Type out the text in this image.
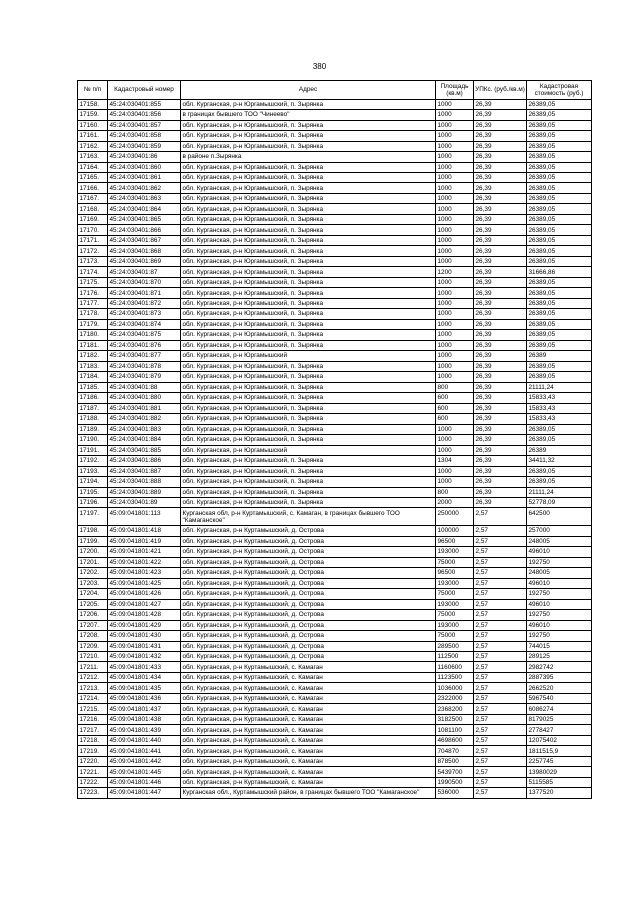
380
№ п/п	Кадастровый номер	Адрес	Площадь (кв.м)	УПКс. (руб./кв.м)	Кадастровая стоимость (руб.)
17158.	45:24:030401:855	обл. Курганская, р-н Юргамышский, п. Зырянка	1000	26,39	26389,05
17159.	45:24:030401:856	в границах бывшего ТОО "Чинеево"	1000	26,39	26389,05
17160.	45:24:030401:857	обл. Курганская, р-н Юргамышский, п. Зырянка	1000	26,39	26389,05
17161.	45:24:030401:858	обл. Курганская, р-н Юргамышский, п. Зырянка	1000	26,39	26389,05
17162.	45:24:030401:859	обл. Курганская, р-н Юргамышский, п. Зырянка	1000	26,39	26389,05
17163.	45:24:030401:86	в районе п.Зырянка	1000	26,39	26389,05
17164.	45:24:030401:860	обл. Курганская, р-н Юргамышский, п. Зырянка	1000	26,39	26389,05
17165.	45:24:030401:861	обл. Курганская, р-н Юргамышский, п. Зырянка	1000	26,39	26389,05
17166.	45:24:030401:862	обл. Курганская, р-н Юргамышский, п. Зырянка	1000	26,39	26389,05
17167.	45:24:030401:863	обл. Курганская, р-н Юргамышский, п. Зырянка	1000	26,39	26389,05
17168.	45:24:030401:864	обл. Курганская, р-н Юргамышский, п. Зырянка	1000	26,39	26389,05
17169.	45:24:030401:865	обл. Курганская, р-н Юргамышский, п. Зырянка	1000	26,39	26389,05
17170.	45:24:030401:866	обл. Курганская, р-н Юргамышский, п. Зырянка	1000	26,39	26389,05
17171.	45:24:030401:867	обл. Курганская, р-н Юргамышский, п. Зырянка	1000	26,39	26389,05
17172.	45:24:030401:868	обл. Курганская, р-н Юргамышский, п. Зырянка	1000	26,39	26389,05
17173.	45:24:030401:869	обл. Курганская, р-н Юргамышский, п. Зырянка	1000	26,39	26389,05
17174.	45:24:030401:87	обл. Курганская, р-н Юргамышский, п. Зырянка	1200	26,39	31666,86
17175.	45:24:030401:870	обл. Курганская, р-н Юргамышский, п. Зырянка	1000	26,39	26389,05
17176.	45:24:030401:871	обл. Курганская, р-н Юргамышский, п. Зырянка	1000	26,39	26389,05
17177.	45:24:030401:872	обл. Курганская, р-н Юргамышский, п. Зырянка	1000	26,39	26389,05
17178.	45:24:030401:873	обл. Курганская, р-н Юргамышский, п. Зырянка	1000	26,39	26389,05
17179.	45:24:030401:874	обл. Курганская, р-н Юргамышский, п. Зырянка	1000	26,39	26389,05
17180.	45:24:030401:875	обл. Курганская, р-н Юргамышский, п. Зырянка	1000	26,39	26389,05
17181.	45:24:030401:876	обл. Курганская, р-н Юргамышский, п. Зырянка	1000	26,39	26389,05
17182.	45:24:030401:877	обл. Курганская, р-н Юргамышский	1000	26,39	26389
17183.	45:24:030401:878	обл. Курганская, р-н Юргамышский, п. Зырянка	1000	26,39	26389,05
17184.	45:24:030401:879	обл. Курганская, р-н Юргамышский, п. Зырянка	1000	26,39	26389,05
17185.	45:24:030401:88	обл. Курганская, р-н Юргамышский, п. Зырянка	800	26,39	21111,24
17186.	45:24:030401:880	обл. Курганская, р-н Юргамышский, п. Зырянка	600	26,39	15833,43
17187.	45:24:030401:881	обл. Курганская, р-н Юргамышский, п. Зырянка	600	26,39	15833,43
17188.	45:24:030401:882	обл. Курганская, р-н Юргамышский, п. Зырянка	600	26,39	15833,43
17189.	45:24:030401:883	обл. Курганская, р-н Юргамышский, п. Зырянка	1000	26,39	26389,05
17190.	45:24:030401:884	обл. Курганская, р-н Юргамышский, п. Зырянка	1000	26,39	26389,05
17191.	45:24:030401:885	обл. Курганская, р-н Юргамышский	1000	26,39	26389
17192.	45:24:030401:886	обл. Курганская, р-н Юргамышский, п. Зырянка	1304	26,39	34411,32
17193.	45:24:030401:887	обл. Курганская, р-н Юргамышский, п. Зырянка	1000	26,39	26389,05
17194.	45:24:030401:888	обл. Курганская, р-н Юргамышский, п. Зырянка	1000	26,39	26389,05
17195.	45:24:030401:889	обл. Курганская, р-н Юргамышский, п. Зырянка	800	26,39	21111,24
17196.	45:24:030401:89	обл. Курганская, р-н Юргамышский, п. Зырянка	2000	26,39	52778,09
17197.	45:09:041801:113	Курганская обл, р-н Куртамышский, с. Камаган, в границах бывшего ТОО "Камаганское"	250000	2,57	642500
17198.	45:09:041801:418	обл. Курганская, р-н Куртамышский, д. Острова	100000	2,57	257000
17199.	45:09:041801:419	обл. Курганская, р-н Куртамышский, д. Острова	96500	2,57	248005
17200.	45:09:041801:421	обл. Курганская, р-н Куртамышский, д. Острова	193000	2,57	496010
17201.	45:09:041801:422	обл. Курганская, р-н Куртамышский, д. Острова	75000	2,57	192750
17202.	45:09:041801:423	обл. Курганская, р-н Куртамышский, д. Острова	96500	2,57	248005
17203.	45:09:041801:425	обл. Курганская, р-н Куртамышский, д. Острова	193000	2,57	496010
17204.	45:09:041801:426	обл. Курганская, р-н Куртамышский, д. Острова	75000	2,57	192750
17205.	45:09:041801:427	обл. Курганская, р-н Куртамышский, д. Острова	193000	2,57	496010
17206.	45:09:041801:428	обл. Курганская, р-н Куртамышский, д. Острова	75000	2,57	192750
17207.	45:09:041801:429	обл. Курганская, р-н Куртамышский, д. Острова	193000	2,57	496010
17208.	45:09:041801:430	обл. Курганская, р-н Куртамышский, д. Острова	75000	2,57	192750
17209.	45:09:041801:431	обл. Курганская, р-н Куртамышский, д. Острова	289500	2,57	744015
17210.	45:09:041801:432	обл. Курганская, р-н Куртамышский, д. Острова	112500	2,57	289125
17211.	45:09:041801:433	обл. Курганская, р-н Куртамышский, с. Камаган	1160600	2,57	2982742
17212.	45:09:041801:434	обл. Курганская, р-н Куртамышский, с. Камаган	1123500	2,57	2887395
17213.	45:09:041801:435	обл. Курганская, р-н Куртамышский, с. Камаган	1036000	2,57	2662520
17214.	45:09:041801:436	обл. Курганская, р-н Куртамышский, с. Камаган	2322000	2,57	5967540
17215.	45:09:041801:437	обл. Курганская, р-н Куртамышский, с. Камаган	2368200	2,57	6086274
17216.	45:09:041801:438	обл. Курганская, р-н Куртамышский, с. Камаган	3182500	2,57	8179025
17217.	45:09:041801:439	обл. Курганская, р-н Куртамышский, с. Камаган	1081100	2,57	2778427
17218.	45:09:041801:440	обл. Курганская, р-н Куртамышский, с. Камаган	4698600	2,57	12075402
17219.	45:09:041801:441	обл. Курганская, р-н Куртамышский, с. Камаган	704870	2,57	1811515,9
17220.	45:09:041801:442	обл. Курганская, р-н Куртамышский, с. Камаган	878500	2,57	2257745
17221.	45:09:041801:445	обл. Курганская, р-н Куртамышский, с. Камаган	5439700	2,57	13980029
17222.	45:09:041801:446	обл. Курганская, р-н Куртамышский, с. Камаган	1990500	2,57	5115585
17223.	45:09:041801:447	Курганская обл., Куртамышский район, в границах бывшего ТОО "Камаганское"	536000	2,57	1377520
